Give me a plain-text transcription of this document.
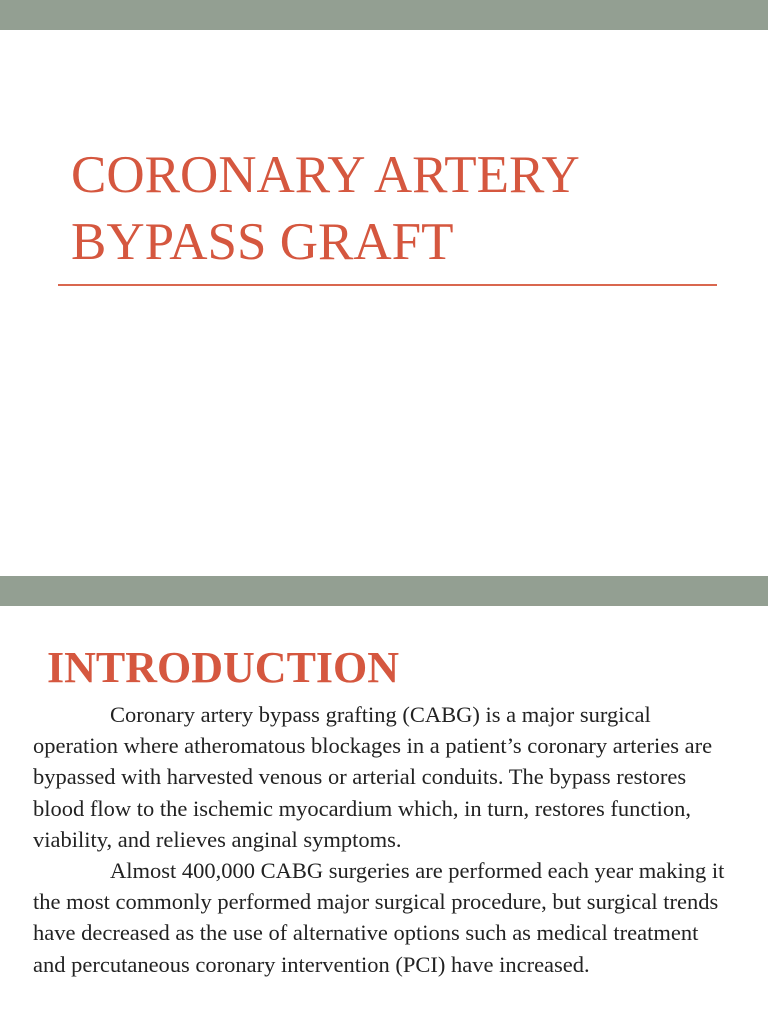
CORONARY ARTERY
BYPASS GRAFT
INTRODUCTION

Coronary artery bypass grafting (CABG) is a major surgical operation where atheromatous blockages in a patient’s coronary arteries are bypassed with harvested venous or arterial conduits. The bypass restores blood flow to the ischemic myocardium which, in turn, restores function, viability, and relieves anginal symptoms.

Almost 400,000 CABG surgeries are performed each year making it the most commonly performed major surgical procedure, but surgical trends have decreased as the use of alternative options such as medical treatment and percutaneous coronary intervention (PCI) have increased.
